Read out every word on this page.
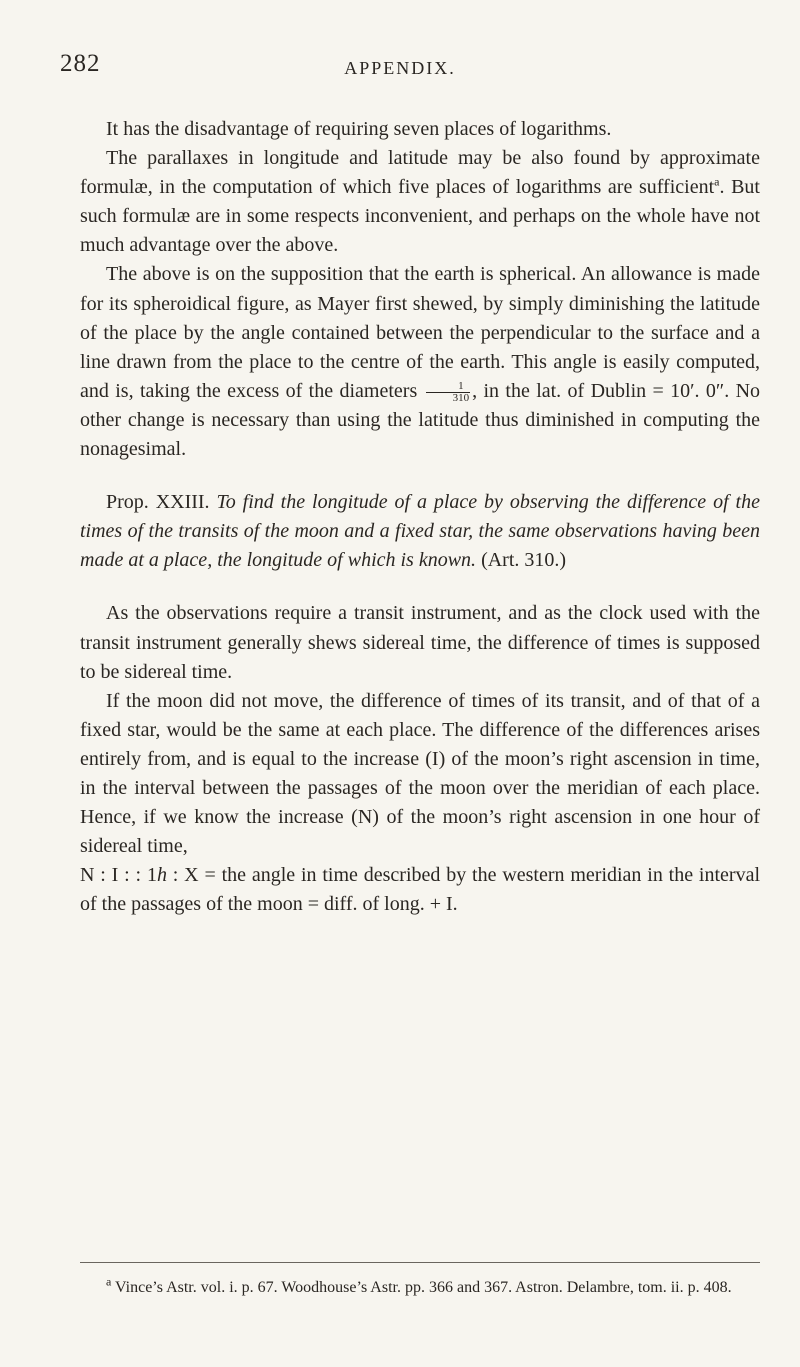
282	APPENDIX.

It has the disadvantage of requiring seven places of logarithms.

The parallaxes in longitude and latitude may be also found by approximate formulæ, in the computation of which five places of logarithms are sufficient$^a$. But such formulæ are in some respects inconvenient, and perhaps on the whole have not much advantage over the above.

The above is on the supposition that the earth is spherical. An allowance is made for its spheroidical figure, as Mayer first shewed, by simply diminishing the latitude of the place by the angle contained between the perpendicular to the surface and a line drawn from the place to the centre of the earth. This angle is easily computed, and is, taking the excess of the diameters $\frac{1}{310}$ , in the lat. of Dublin = 10′. 0″. No other change is necessary than using the latitude thus diminished in computing the nonagesimal.

Prop. XXIII. To find the longitude of a place by observing the difference of the times of the transits of the moon and a fixed star, the same observations having been made at a place, the longitude of which is known. (Art. 310.)

As the observations require a transit instrument, and as the clock used with the transit instrument generally shews sidereal time, the difference of times is supposed to be sidereal time.

If the moon did not move, the difference of times of its transit, and of that of a fixed star, would be the same at each place. The difference of the differences arises entirely from, and is equal to the increase (I) of the moon’s right ascension in time, in the interval between the passages of the moon over the meridian of each place. Hence, if we know the increase (N) of the moon’s right ascension in one hour of sidereal time,

N : I : : 1h : X = the angle in time described by the western meridian in the interval of the passages of the moon = diff. of long. + I.

$^a$ Vince’s Astr. vol. i. p. 67. Woodhouse’s Astr. pp. 366 and 367. Astron. Delambre, tom. ii. p. 408.
